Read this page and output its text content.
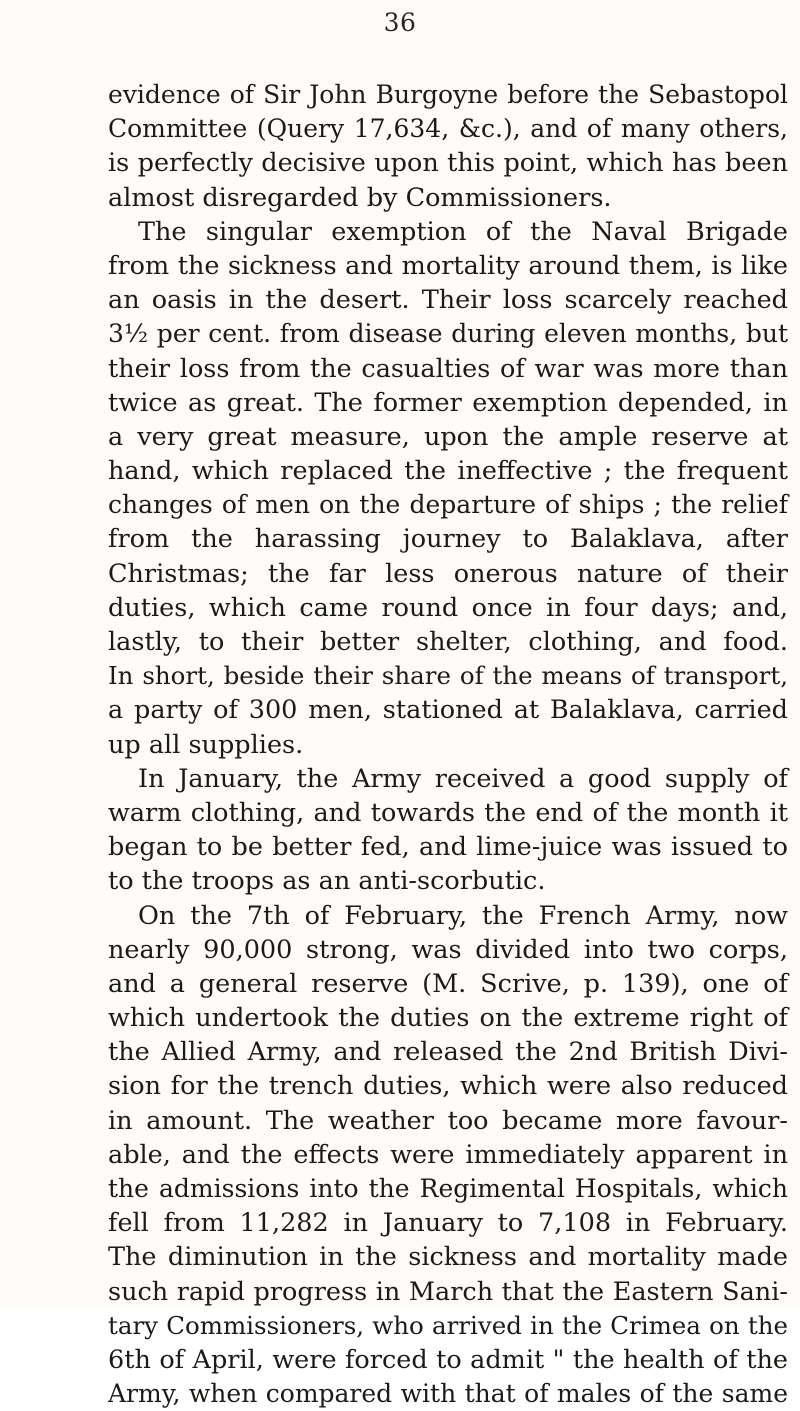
36
evidence of Sir John Burgoyne before the Sebastopol
Committee (Query 17,634, &c.), and of many others,
is perfectly decisive upon this point, which has been
almost disregarded by Commissioners.
The singular exemption of the Naval Brigade
from the sickness and mortality around them, is like
an oasis in the desert. Their loss scarcely reached
3½ per cent. from disease during eleven months, but
their loss from the casualties of war was more than
twice as great. The former exemption depended, in
a very great measure, upon the ample reserve at
hand, which replaced the ineffective ; the frequent
changes of men on the departure of ships ; the relief
from the harassing journey to Balaklava, after
Christmas; the far less onerous nature of their
duties, which came round once in four days; and,
lastly, to their better shelter, clothing, and food.
In short, beside their share of the means of transport,
a party of 300 men, stationed at Balaklava, carried
up all supplies.
In January, the Army received a good supply of
warm clothing, and towards the end of the month it
began to be better fed, and lime-juice was issued to
to the troops as an anti-scorbutic.
On the 7th of February, the French Army, now
nearly 90,000 strong, was divided into two corps,
and a general reserve (M. Scrive, p. 139), one of
which undertook the duties on the extreme right of
the Allied Army, and released the 2nd British Divi-
sion for the trench duties, which were also reduced
in amount. The weather too became more favour-
able, and the effects were immediately apparent in
the admissions into the Regimental Hospitals, which
fell from 11,282 in January to 7,108 in February.
The diminution in the sickness and mortality made
such rapid progress in March that the Eastern Sani-
tary Commissioners, who arrived in the Crimea on the
6th of April, were forced to admit " the health of the
Army, when compared with that of males of the same
